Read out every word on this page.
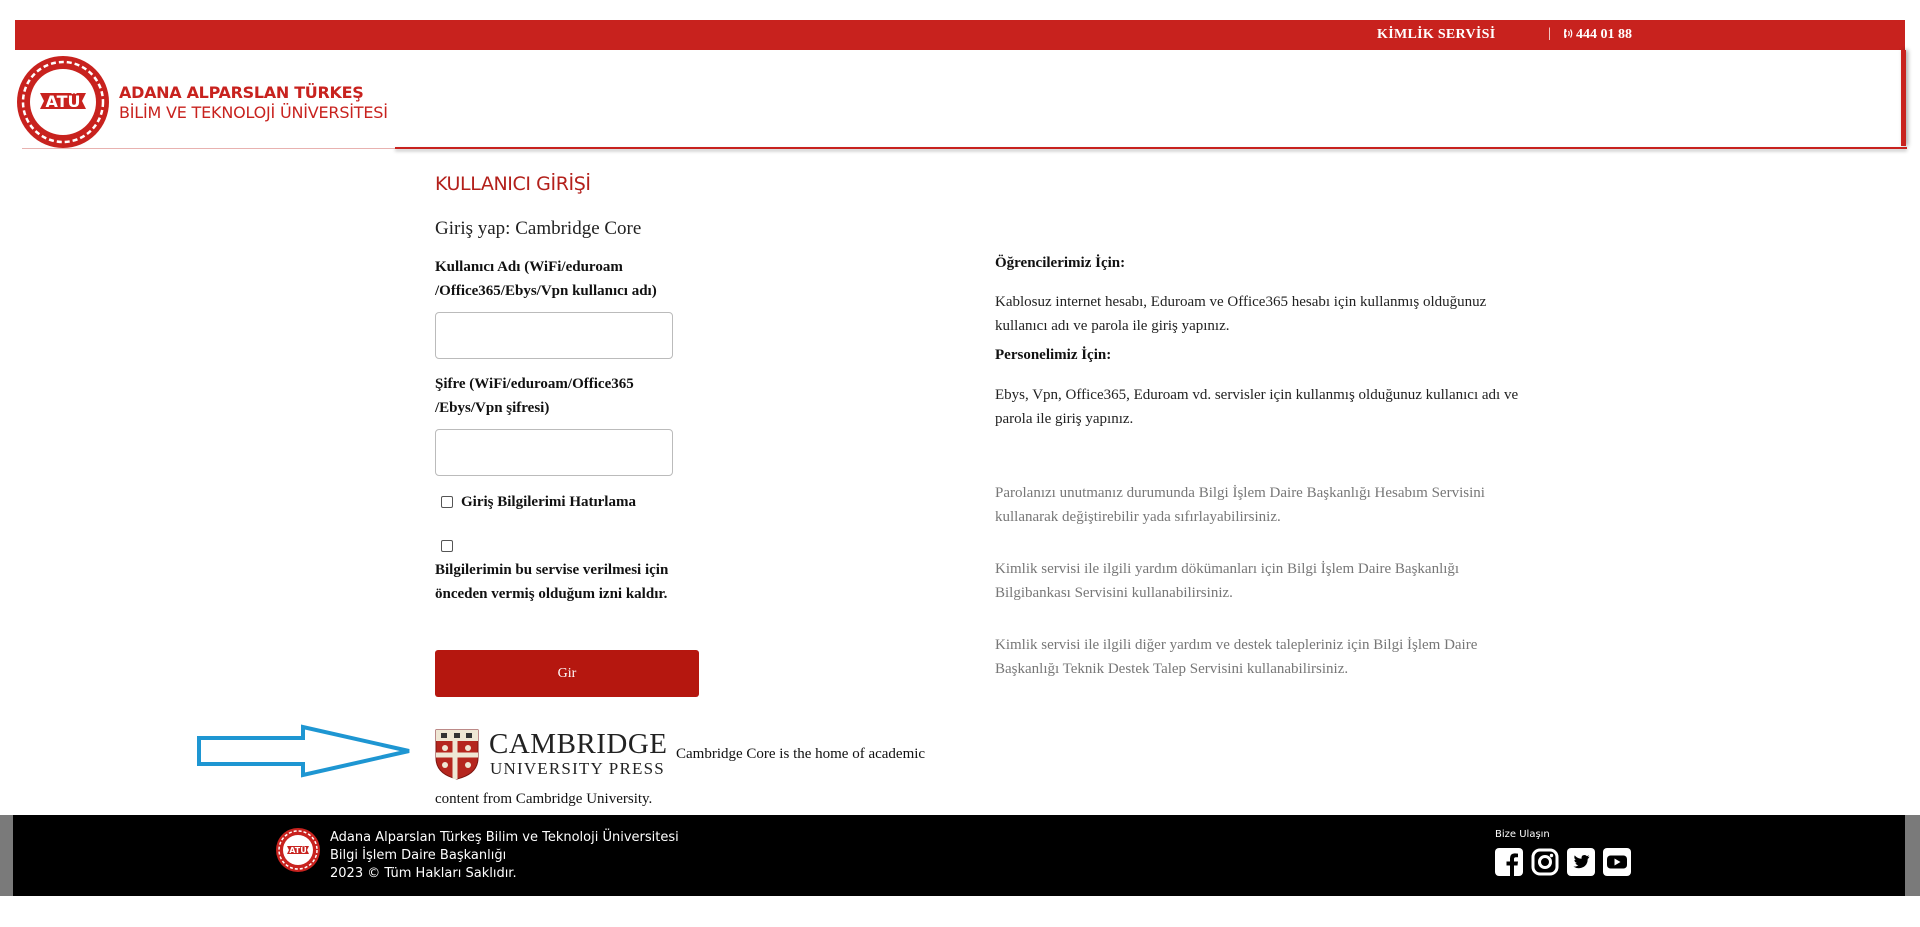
KİMLİK SERVİSİ	|	444 01 88
ATÜ ADANA ALPARSLAN TÜRKEŞ
BİLİM VE TEKNOLOJİ ÜNİVERSİTESİ
KULLANICI GİRİŞİ
Giriş yap: Cambridge Core
Kullanıcı Adı (WiFi/eduroam /Office365/Ebys/Vpn kullanıcı adı)
Şifre (WiFi/eduroam/Office365 /Ebys/Vpn şifresi)
Giriş Bilgilerimi Hatırlama
Bilgilerimin bu servise verilmesi için önceden vermiş olduğum izni kaldır.
Gir
CAMBRIDGE
UNIVERSITY PRESS
Cambridge Core is the home of academic
content from Cambridge University.
Öğrencilerimiz İçin:
Kablosuz internet hesabı, Eduroam ve Office365 hesabı için kullanmış olduğunuz kullanıcı adı ve parola ile giriş yapınız.
Personelimiz İçin:
Ebys, Vpn, Office365, Eduroam vd. servisler için kullanmış olduğunuz kullanıcı adı ve parola ile giriş yapınız.
Parolanızı unutmanız durumunda Bilgi İşlem Daire Başkanlığı Hesabım Servisini kullanarak değiştirebilir yada sıfırlayabilirsiniz.
Kimlik servisi ile ilgili yardım dökümanları için Bilgi İşlem Daire Başkanlığı Bilgibankası Servisini kullanabilirsiniz.
Kimlik servisi ile ilgili diğer yardım ve destek talepleriniz için Bilgi İşlem Daire Başkanlığı Teknik Destek Talep Servisini kullanabilirsiniz.
ATÜ
Adana Alparslan Türkeş Bilim ve Teknoloji Üniversitesi
Bilgi İşlem Daire Başkanlığı
2023 © Tüm Hakları Saklıdır.
Bize Ulaşın
